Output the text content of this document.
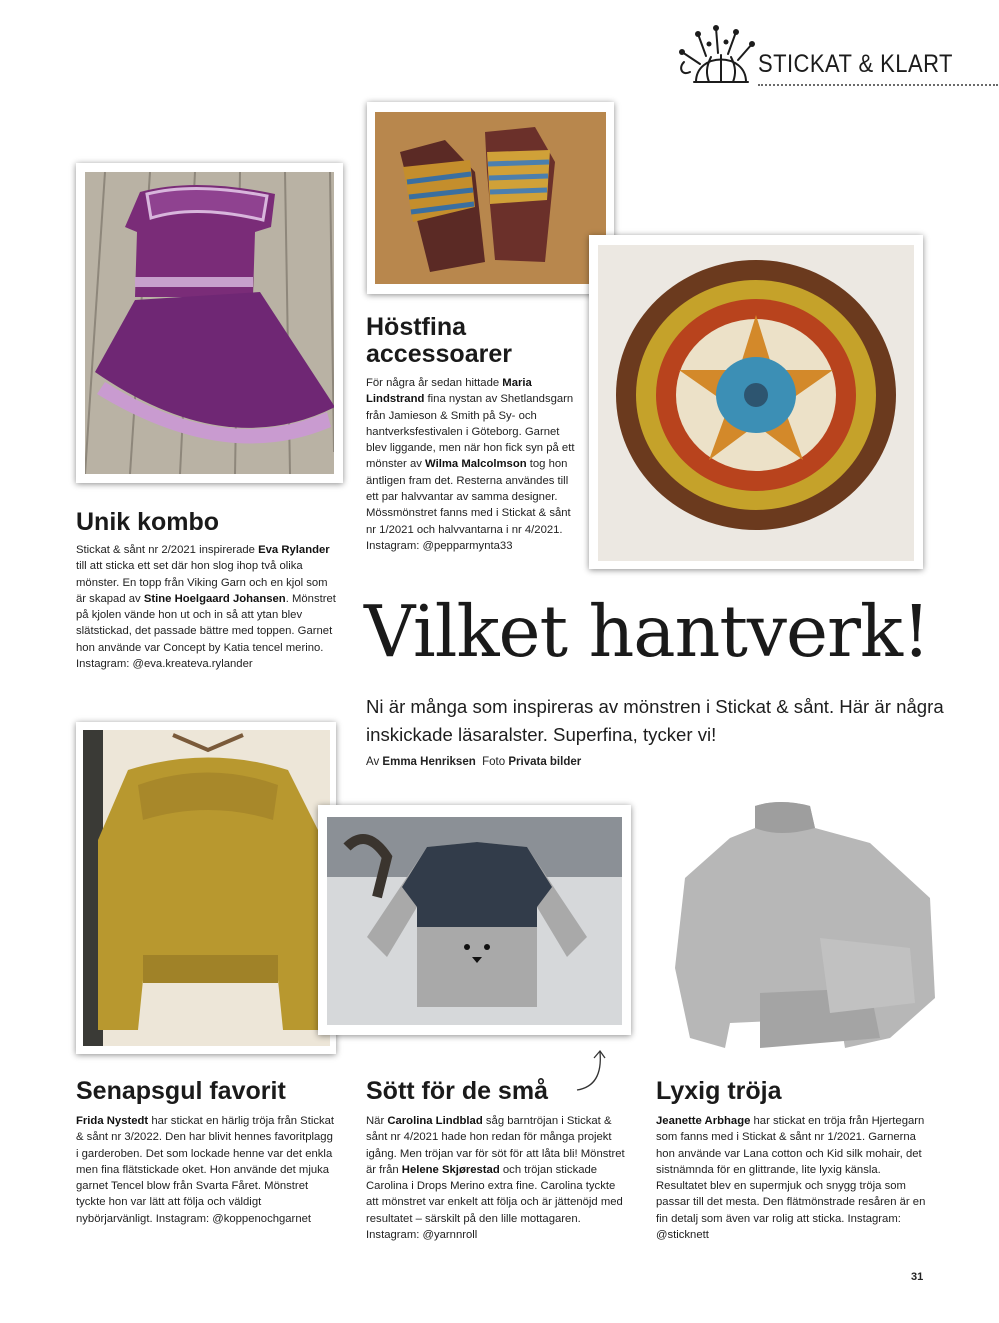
STICKAT & KLART
Höstfina accessoarer

För några år sedan hittade Maria Lindstrand fina nystan av Shetlandsgarn från Jamieson & Smith på Sy- och hantverksfestivalen i Göteborg. Garnet blev liggande, men när hon fick syn på ett mönster av Wilma Malcolmson tog hon äntligen fram det. Resterna användes till ett par halvvantar av samma designer. Mössmönstret fanns med i Stickat & sånt nr 1/2021 och halvvantarna i nr 4/2021. Instagram: @pepparmynta33

Unik kombo

Stickat & sånt nr 2/2021 inspirerade Eva Rylander till att sticka ett set där hon slog ihop två olika mönster. En topp från Viking Garn och en kjol som är skapad av Stine Hoelgaard Johansen. Mönstret på kjolen vände hon ut och in så att ytan blev slätstickad, det passade bättre med toppen. Garnet hon använde var Concept by Katia tencel merino. Instagram: @eva.kreateva.rylander	Vilket hantverk!
Ni är många som inspireras av mönstren i Stickat & sånt. Här är några inskickade läsaralster. Superfina, tycker vi!
Av Emma Henriksen Foto Privata bilder
Senapsgul favorit

Frida Nystedt har stickat en härlig tröja från Stickat & sånt nr 3/2022. Den har blivit hennes favoritplagg i garderoben. Det som lockade henne var det enkla men fina flätstickade oket. Hon använde det mjuka garnet Tencel blow från Svarta Fåret. Mönstret tyckte hon var lätt att följa och väldigt nybörjarvänligt. Instagram: @koppenochgarnet

Sött för de små

När Carolina Lindblad såg barntröjan i Stickat & sånt nr 4/2021 hade hon redan för många projekt igång. Men tröjan var för söt för att låta bli! Mönstret är från Helene Skjørestad och tröjan stickade Carolina i Drops Merino extra fine. Carolina tyckte att mönstret var enkelt att följa och är jättenöjd med resultatet – särskilt på den lille mottagaren. Instagram: @yarnnroll

Lyxig tröja

Jeanette Arbhage har stickat en tröja från Hjertegarn som fanns med i Stickat & sånt nr 1/2021. Garnerna hon använde var Lana cotton och Kid silk mohair, det sistnämnda för en glittrande, lite lyxig känsla. Resultatet blev en supermjuk och snygg tröja som passar till det mesta. Den flätmönstrade resåren är en fin detalj som även var rolig att sticka. Instagram: @sticknett

31
